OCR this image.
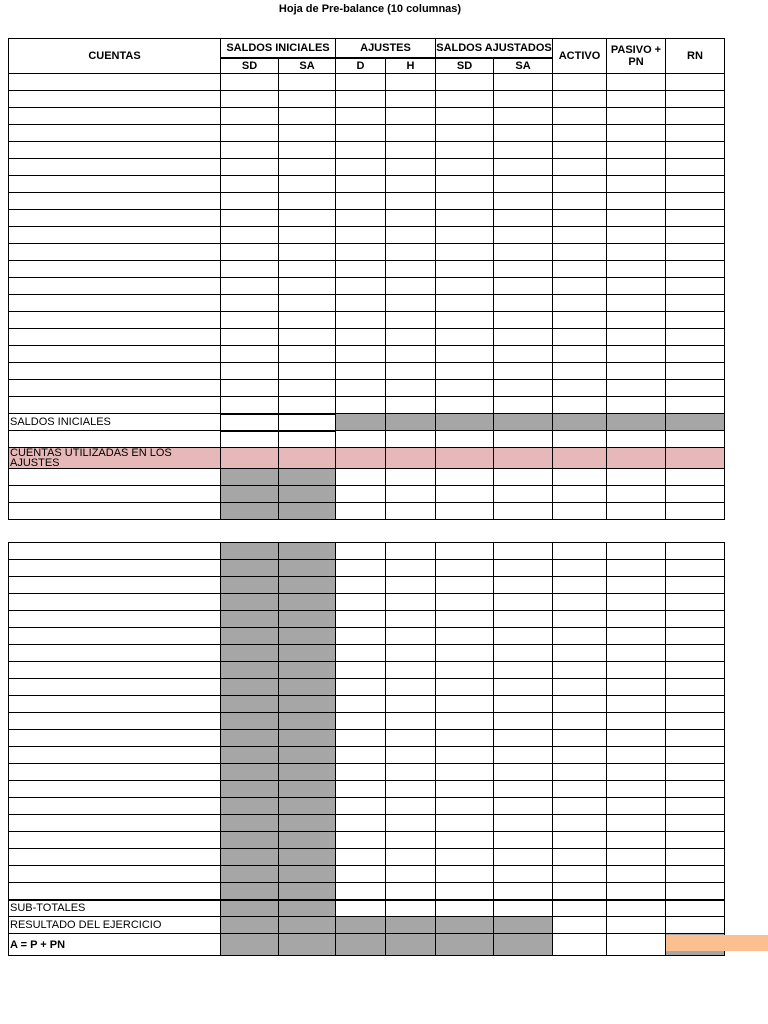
Hoja de Pre-balance (10 columnas)
CUENTAS	SALDOS INICIALES		AJUSTES		SALDOS AJUSTADOS		ACTIVO	PASIVO + PN	RN
	SD	SA	D	H	SD	SA			

SALDOS INICIALES									

CUENTAS UTILIZADAS EN LOS AJUSTES									

SUB-TOTALES									
RESULTADO DEL EJERCICIO									
A = P + PN									
